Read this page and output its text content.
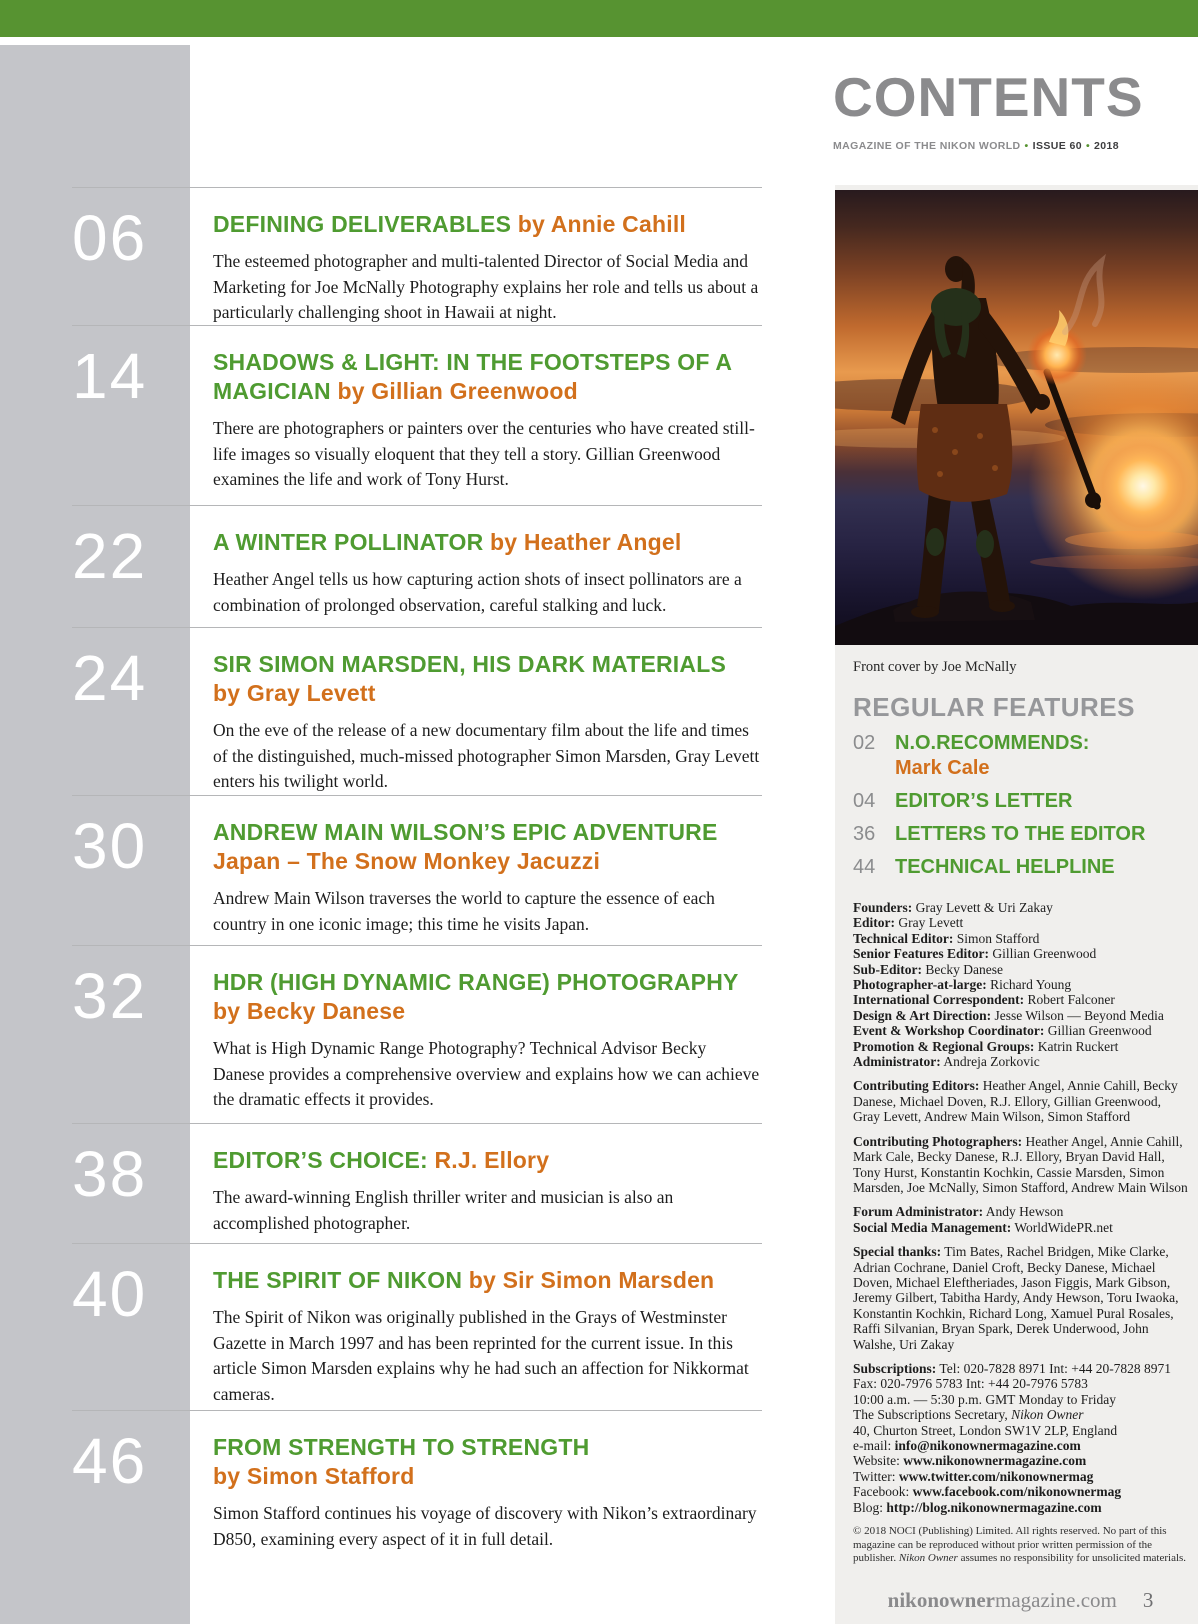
CONTENTS
MAGAZINE OF THE NIKON WORLD • ISSUE 60 • 2018
06	DEFINING DELIVERABLES by Annie Cahill

The esteemed photographer and multi-talented Director of Social Media and Marketing for Joe McNally Photography explains her role and tells us about a particularly challenging shoot in Hawaii at night.

14	SHADOWS & LIGHT: IN THE FOOTSTEPS OF A MAGICIAN by Gillian Greenwood

There are photographers or painters over the centuries who have created still-life images so visually eloquent that they tell a story. Gillian Greenwood examines the life and work of Tony Hurst.

22	A WINTER POLLINATOR by Heather Angel

Heather Angel tells us how capturing action shots of insect pollinators are a combination of prolonged observation, careful stalking and luck.

24	SIR SIMON MARSDEN, HIS DARK MATERIALS
by Gray Levett

On the eve of the release of a new documentary film about the life and times of the distinguished, much-missed photographer Simon Marsden, Gray Levett enters his twilight world.

30	ANDREW MAIN WILSON’S EPIC ADVENTURE
Japan – The Snow Monkey Jacuzzi

Andrew Main Wilson traverses the world to capture the essence of each country in one iconic image; this time he visits Japan.

32	HDR (HIGH DYNAMIC RANGE) PHOTOGRAPHY
by Becky Danese

What is High Dynamic Range Photography? Technical Advisor Becky Danese provides a comprehensive overview and explains how we can achieve the dramatic effects it provides.

38	EDITOR’S CHOICE: R.J. Ellory

The award-winning English thriller writer and musician is also an accomplished photographer.

40	THE SPIRIT OF NIKON by Sir Simon Marsden

The Spirit of Nikon was originally published in the Grays of Westminster Gazette in March 1997 and has been reprinted for the current issue. In this article Simon Marsden explains why he had such an affection for Nikkormat cameras.

46	FROM STRENGTH TO STRENGTH
by Simon Stafford

Simon Stafford continues his voyage of discovery with Nikon’s extraordinary D850, examining every aspect of it in full detail.

Front cover by Joe McNally

REGULAR FEATURES
02 N.O.RECOMMENDS:
Mark Cale
04 EDITOR’S LETTER
36 LETTERS TO THE EDITOR
44 TECHNICAL HELPLINE

Founders: Gray Levett & Uri Zakay
Editor: Gray Levett
Technical Editor: Simon Stafford
Senior Features Editor: Gillian Greenwood
Sub-Editor: Becky Danese
Photographer-at-large: Richard Young
International Correspondent: Robert Falconer
Design & Art Direction: Jesse Wilson — Beyond Media
Event & Workshop Coordinator: Gillian Greenwood
Promotion & Regional Groups: Katrin Ruckert
Administrator: Andreja Zorkovic

Contributing Editors: Heather Angel, Annie Cahill, Becky Danese, Michael Doven, R.J. Ellory, Gillian Greenwood, Gray Levett, Andrew Main Wilson, Simon Stafford

Contributing Photographers: Heather Angel, Annie Cahill, Mark Cale, Becky Danese, R.J. Ellory, Bryan David Hall, Tony Hurst, Konstantin Kochkin, Cassie Marsden, Simon Marsden, Joe McNally, Simon Stafford, Andrew Main Wilson

Forum Administrator: Andy Hewson
Social Media Management: WorldWidePR.net

Special thanks: Tim Bates, Rachel Bridgen, Mike Clarke, Adrian Cochrane, Daniel Croft, Becky Danese, Michael Doven, Michael Eleftheriades, Jason Figgis, Mark Gibson, Jeremy Gilbert, Tabitha Hardy, Andy Hewson, Toru Iwaoka, Konstantin Kochkin, Richard Long, Xamuel Pural Rosales, Raffi Silvanian, Bryan Spark, Derek Underwood, John Walshe, Uri Zakay

Subscriptions: Tel: 020-7828 8971 Int: +44 20-7828 8971
Fax: 020-7976 5783 Int: +44 20-7976 5783
10:00 a.m. — 5:30 p.m. GMT Monday to Friday
The Subscriptions Secretary, Nikon Owner
40, Churton Street, London SW1V 2LP, England
e-mail: info@nikonownermagazine.com
Website: www.nikonownermagazine.com
Twitter: www.twitter.com/nikonownermag
Facebook: www.facebook.com/nikonownermag
Blog: http://blog.nikonownermagazine.com

© 2018 NOCI (Publishing) Limited. All rights reserved. No part of this magazine can be reproduced without prior written permission of the publisher. Nikon Owner assumes no responsibility for unsolicited materials.

nikonownermagazine.com 3
